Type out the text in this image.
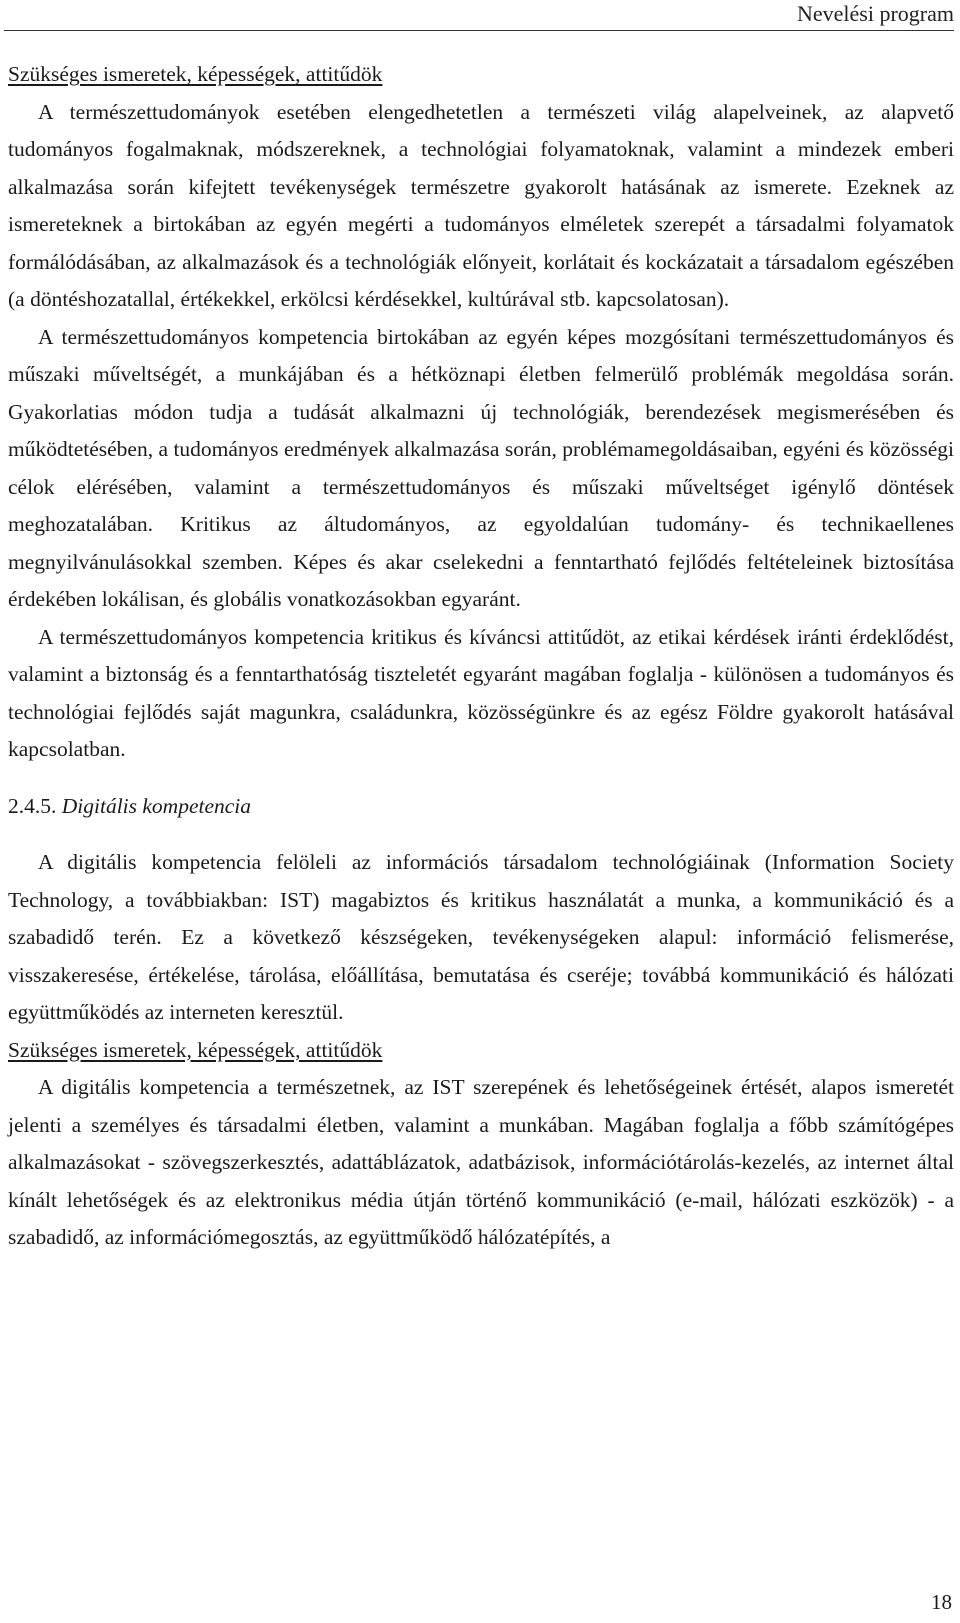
Nevelési program

Szükséges ismeretek, képességek, attitűdök

A természettudományok esetében elengedhetetlen a természeti világ alapelveinek, az alapvető tudományos fogalmaknak, módszereknek, a technológiai folyamatoknak, valamint a mindezek emberi alkalmazása során kifejtett tevékenységek természetre gyakorolt hatásának az ismerete. Ezeknek az ismereteknek a birtokában az egyén megérti a tudományos elméletek szerepét a társadalmi folyamatok formálódásában, az alkalmazások és a technológiák előnyeit, korlátait és kockázatait a társadalom egészében (a döntéshozatallal, értékekkel, erkölcsi kérdésekkel, kultúrával stb. kapcsolatosan).

A természettudományos kompetencia birtokában az egyén képes mozgósítani természettudományos és műszaki műveltségét, a munkájában és a hétköznapi életben felmerülő problémák megoldása során. Gyakorlatias módon tudja a tudását alkalmazni új technológiák, berendezések megismerésében és működtetésében, a tudományos eredmények alkalmazása során, problémamegoldásaiban, egyéni és közösségi célok elérésében, valamint a természettudományos és műszaki műveltséget igénylő döntések meghozatalában. Kritikus az áltudományos, az egyoldalúan tudomány- és technikaellenes megnyilvánulásokkal szemben. Képes és akar cselekedni a fenntartható fejlődés feltételeinek biztosítása érdekében lokálisan, és globális vonatkozásokban egyaránt.

A természettudományos kompetencia kritikus és kíváncsi attitűdöt, az etikai kérdések iránti érdeklődést, valamint a biztonság és a fenntarthatóság tiszteletét egyaránt magában foglalja - különösen a tudományos és technológiai fejlődés saját magunkra, családunkra, közösségünkre és az egész Földre gyakorolt hatásával kapcsolatban.

2.4.5. Digitális kompetencia

A digitális kompetencia felöleli az információs társadalom technológiáinak (Information Society Technology, a továbbiakban: IST) magabiztos és kritikus használatát a munka, a kommunikáció és a szabadidő terén. Ez a következő készségeken, tevékenységeken alapul: információ felismerése, visszakeresése, értékelése, tárolása, előállítása, bemutatása és cseréje; továbbá kommunikáció és hálózati együttműködés az interneten keresztül.

Szükséges ismeretek, képességek, attitűdök

A digitális kompetencia a természetnek, az IST szerepének és lehetőségeinek értését, alapos ismeretét jelenti a személyes és társadalmi életben, valamint a munkában. Magában foglalja a főbb számítógépes alkalmazásokat - szövegszerkesztés, adattáblázatok, adatbázisok, információtárolás-kezelés, az internet által kínált lehetőségek és az elektronikus média útján történő kommunikáció (e-mail, hálózati eszközök) - a szabadidő, az információmegosztás, az együttműködő hálózatépítés, a

18
